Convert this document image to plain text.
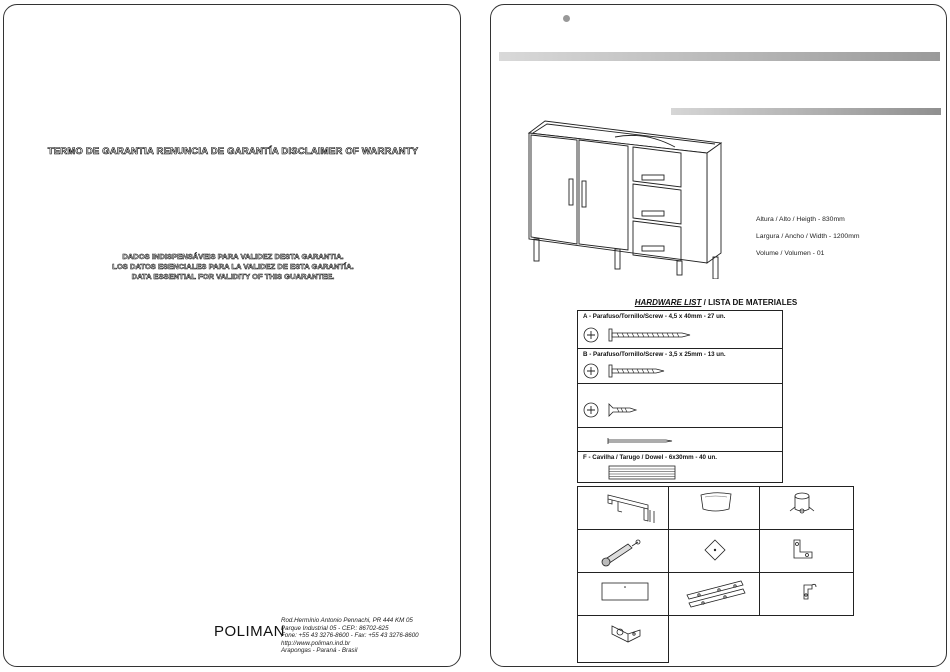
TERMO DE GARANTIA RENUNCIA DE GARANTÍA DISCLAIMER OF WARRANTY
DADOS INDISPENSÁVEIS PARA VALIDEZ DESTA GARANTIA.
LOS DATOS ESENCIALES PARA LA VALIDEZ DE ESTA GARANTÍA.
DATA ESSENTIAL FOR VALIDITY OF THIS GUARANTEE.
POLIMAN
Rod.Hermínio Antonio Pennachi, PR 444 KM 05
Parque Industrial 05 - CEP.: 86702-625
Fone: +55 43 3276-8600 - Fax: +55 43 3276-8600
http://www.poliman.ind.br
Arapongas - Paraná - Brasil
Altura / Alto / Heigth - 830mm
Largura / Ancho / Width - 1200mm
Volume / Volumen - 01
HARDWARE LIST / LISTA DE MATERIALES
A - Parafuso/Tornillo/Screw - 4,5 x 40mm - 27 un.
B - Parafuso/Tornillo/Screw - 3,5 x 25mm - 13 un.
F - Cavilha / Tarugo / Dowel - 6x30mm - 40 un.
